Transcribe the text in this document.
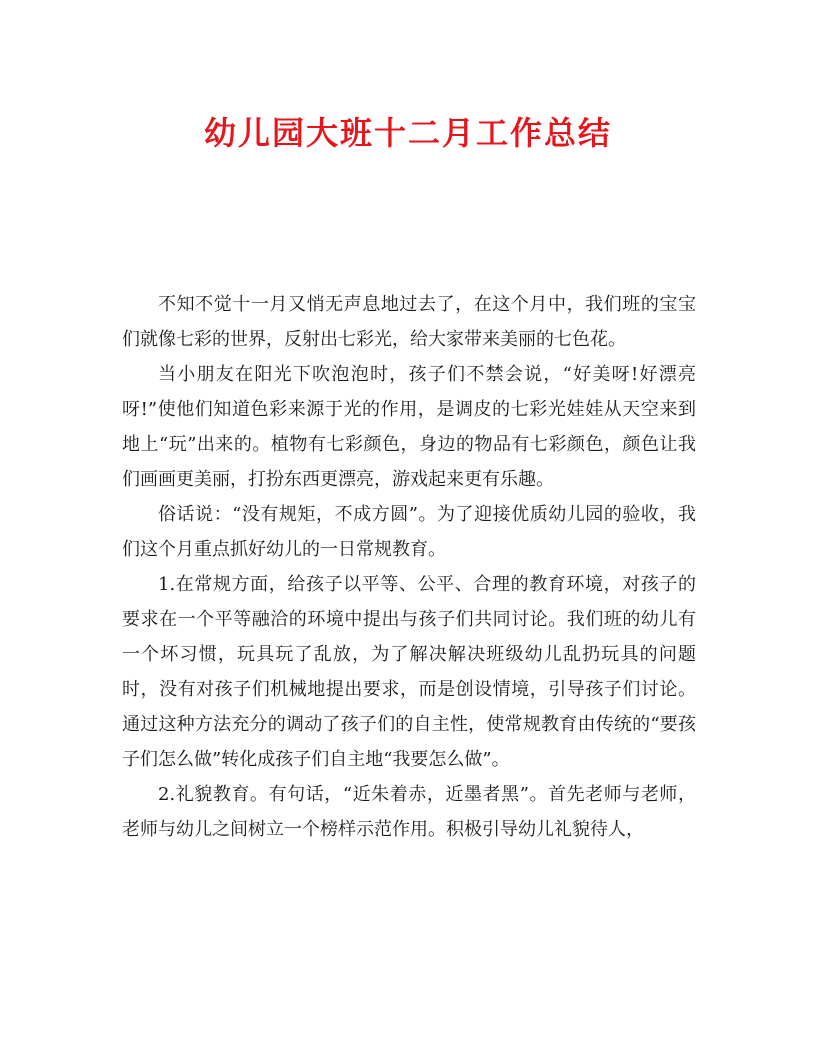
幼儿园大班十二月工作总结

不知不觉十一月又悄无声息地过去了，在这个月中，我们班的宝宝们就像七彩的世界，反射出七彩光，给大家带来美丽的七色花。

当小朋友在阳光下吹泡泡时，孩子们不禁会说，“好美呀!好漂亮呀!”使他们知道色彩来源于光的作用，是调皮的七彩光娃娃从天空来到地上“玩”出来的。植物有七彩颜色，身边的物品有七彩颜色，颜色让我们画画更美丽，打扮东西更漂亮，游戏起来更有乐趣。

俗话说：“没有规矩，不成方圆”。为了迎接优质幼儿园的验收，我们这个月重点抓好幼儿的一日常规教育。

1.在常规方面，给孩子以平等、公平、合理的教育环境，对孩子的要求在一个平等融洽的环境中提出与孩子们共同讨论。我们班的幼儿有一个坏习惯，玩具玩了乱放，为了解决解决班级幼儿乱扔玩具的问题时，没有对孩子们机械地提出要求，而是创设情境，引导孩子们讨论。通过这种方法充分的调动了孩子们的自主性，使常规教育由传统的“要孩子们怎么做”转化成孩子们自主地“我要怎么做”。

2.礼貌教育。有句话，“近朱着赤，近墨者黑”。首先老师与老师，老师与幼儿之间树立一个榜样示范作用。积极引导幼儿礼貌待人，
